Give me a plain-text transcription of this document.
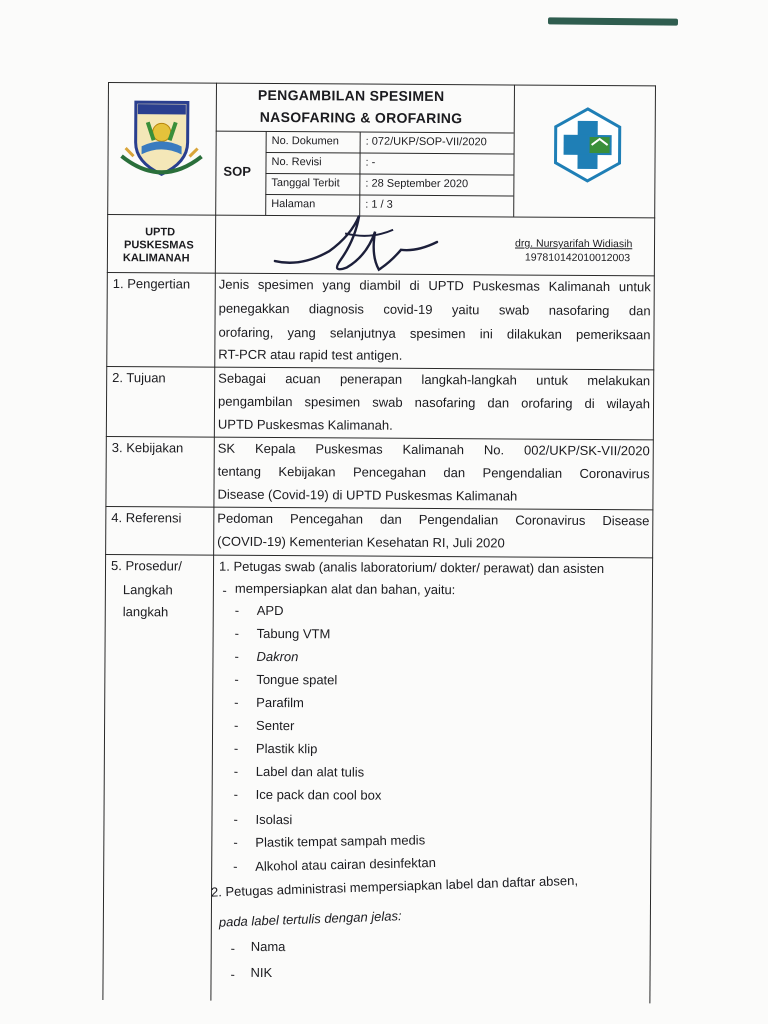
PENGAMBILAN SPESIMEN
NASOFARING & OROFARING
SOP
No. Dokumen : 072/UKP/SOP-VII/2020
No. Revisi	: -
Tanggal Terbit : 28 September 2020
Halaman	: 1 / 3
UPTD
PUSKESMAS
KALIMANAH
drg. Nursyarifah Widiasih
197810142010012003
1. Pengertian Jenis spesimen yang diambil di UPTD Puskesmas Kalimanah untuk
penegakkan diagnosis covid-19 yaitu swab nasofaring dan
orofaring, yang selanjutnya spesimen ini dilakukan pemeriksaan
RT-PCR atau rapid test antigen.
2. Tujuan	Sebagai acuan penerapan langkah-langkah untuk melakukan
pengambilan spesimen swab nasofaring dan orofaring di wilayah
UPTD Puskesmas Kalimanah.
3. Kebijakan	SK Kepala Puskesmas Kalimanah No. 002/UKP/SK-VII/2020
tentang Kebijakan Pencegahan dan Pengendalian Coronavirus
Disease (Covid-19) di UPTD Puskesmas Kalimanah
4. Referensi	Pedoman Pencegahan dan Pengendalian Coronavirus Disease
(COVID-19) Kementerian Kesehatan RI, Juli 2020
5. Prosedur/
Langkah -
langkah
1. Petugas swab (analis laboratorium/ dokter/ perawat) dan asisten
mempersiapkan alat dan bahan, yaitu:
- APD
- Tabung VTM
- Dakron
- Tongue spatel
- Parafilm
- Senter
- Plastik klip
- Label dan alat tulis
- Ice pack dan cool box
- Isolasi
- Plastik tempat sampah medis
- Alkohol atau cairan desinfektan
2. Petugas administrasi mempersiapkan label dan daftar absen,
pada label tertulis dengan jelas:
- Nama
- NIK
